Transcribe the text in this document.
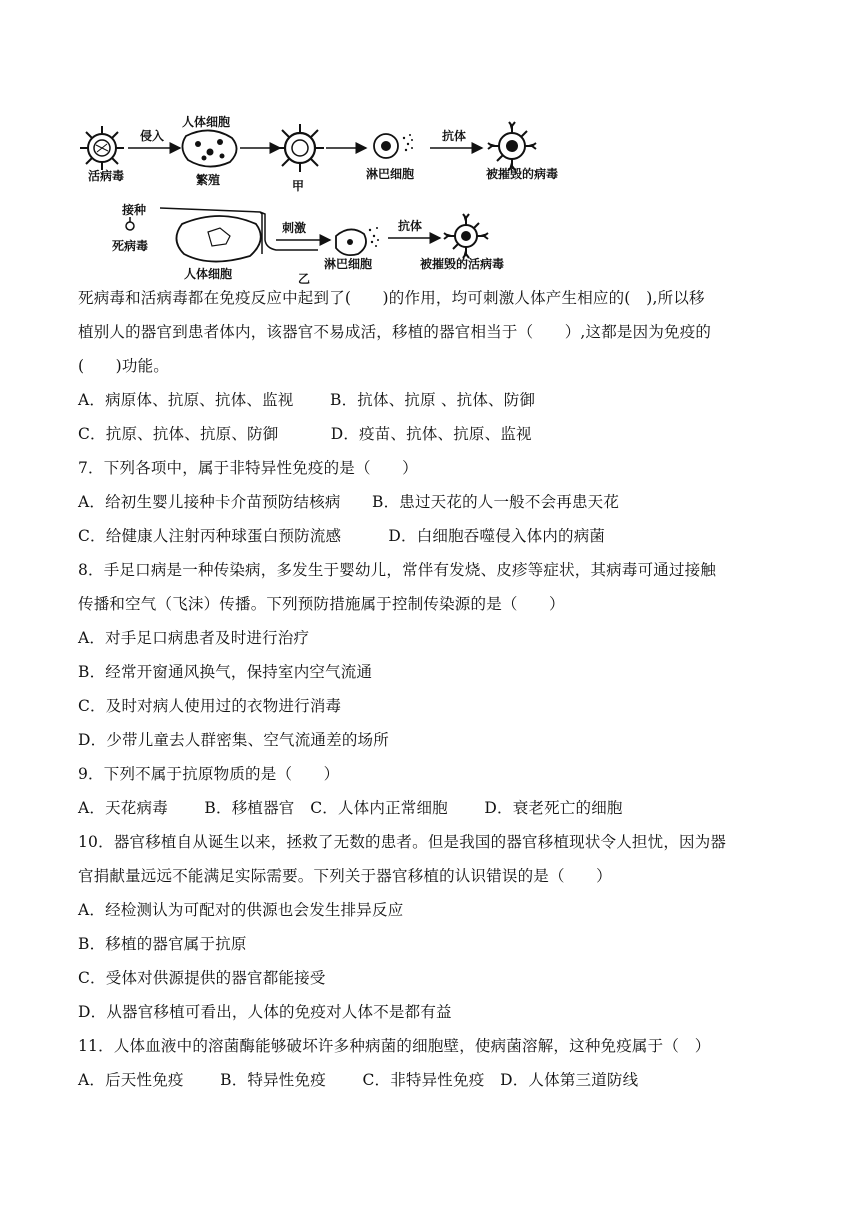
活病毒
侵入
人体细胞
繁殖	甲
淋巴细胞
抗体
被摧毁的病毒
接种
死病毒
人体细胞
刺激
淋巴细胞
乙
抗体
被摧毁的活病毒
死病毒和活病毒都在免疫反应中起到了(　　)的作用，均可刺激人体产生相应的(　),所以移
植别人的器官到患者体内，该器官不易成活，移植的器官相当于（　　）,这都是因为免疫的
(　　)功能。
A．病原体、抗原、抗体、监视　　 B．抗体、抗原 、抗体、防御
C．抗原、抗体、抗原、防御　　　 D．疫苗、抗体、抗原、监视
7．下列各项中，属于非特异性免疫的是（　　）
A．给初生婴儿接种卡介苗预防结核病　　B．患过天花的人一般不会再患天花
C．给健康人注射丙种球蛋白预防流感　　　D．白细胞吞噬侵入体内的病菌
8．手足口病是一种传染病，多发生于婴幼儿，常伴有发烧、皮疹等症状，其病毒可通过接触
传播和空气（飞沫）传播。下列预防措施属于控制传染源的是（　　）
A．对手足口病患者及时进行治疗
B．经常开窗通风换气，保持室内空气流通
C．及时对病人使用过的衣物进行消毒
D．少带儿童去人群密集、空气流通差的场所
9．下列不属于抗原物质的是（　　）
A．天花病毒　　 B．移植器官　C．人体内正常细胞　　 D．衰老死亡的细胞
10．器官移植自从诞生以来，拯救了无数的患者。但是我国的器官移植现状令人担忧，因为器
官捐献量远远不能满足实际需要。下列关于器官移植的认识错误的是（　　）
A．经检测认为可配对的供源也会发生排异反应
B．移植的器官属于抗原
C．受体对供源提供的器官都能接受
D．从器官移植可看出，人体的免疫对人体不是都有益
11．人体血液中的溶菌酶能够破坏许多种病菌的细胞壁，使病菌溶解，这种免疫属于（　）
A．后天性免疫　　 B．特异性免疫　　 C．非特异性免疫　D．人体第三道防线
